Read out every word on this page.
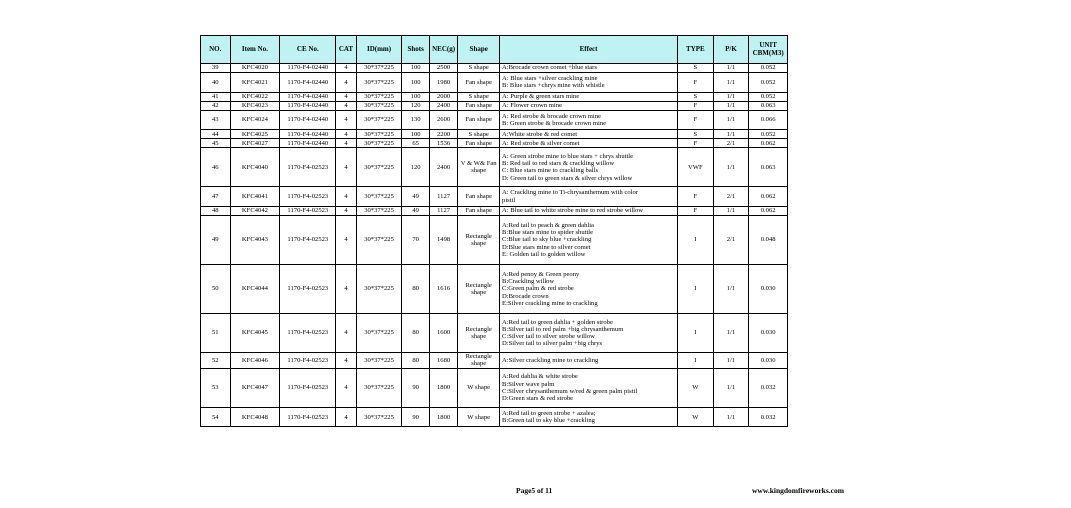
NO.	Item No.	CE No.	CAT	ID(mm)	Shots	NEC(g)	Shape	Effect	TYPE	P/K	UNIT CBM(M3)
39	KFC4020	1170-F4-02440	4	30*37*225	100	2500	S shape	A:Brocade crown comet +blue stars	S	1/1	0.052
40	KFC4021	1170-F4-02440	4	30*37*225	100	1980	Fan shape	A: Blue stars +silver crackling mine
B: Blue stars +chrys mine with whistle	F	1/1	0.052
41	KFC4022	1170-F4-02440	4	30*37*225	100	2000	S shape	A: Purple & green stars mine	S	1/1	0.052
42	KFC4023	1170-F4-02440	4	30*37*225	120	2400	Fan shape	A: Flower crown mine	F	1/1	0.063
43	KFC4024	1170-F4-02440	4	30*37*225	130	2600	Fan shape	A: Red strobe & brocade crown mine
B: Green strobe & brocade crown mine	F	1/1	0.066
44	KFC4025	1170-F4-02440	4	30*37*225	100	2200	S shape	A:White strobe & red comet	S	1/1	0.052
45	KFC4027	1170-F4-02440	4	30*37*225	65	1536	Fan shape	A: Red strobe & silver comet	F	2/1	0.062
46	KFC4040	1170-F4-02523	4	30*37*225	120	2400	V & W& Fan shape	A: Green strobe mine to blue stars + chrys shuttle
B: Red tail to red stars & crackling willow
C: Blue stars mine to crackling balls
D: Green tail to green stars & silver chrys willow	VWF	1/1	0.063
47	KFC4041	1170-F4-02523	4	30*37*225	49	1127	Fan shape	A: Crackling mine to Ti-chrysanthemum with color
pistil	F	2/1	0.062
48	KFC4042	1170-F4-02523	4	30*37*225	49	1127	Fan shape	A: Blue tail to white strobe mine to red strobe willow	F	1/1	0.062
49	KFC4043	1170-F4-02523	4	30*37*225	70	1498	Rectangle shape	A:Red tail to peach & green dahlia
B:Blue stars mine to spider shuttle
C:Blue tail to sky blue +crackling
D:Blue stars mine to silver comet
E: Golden tail to golden willow	I	2/1	0.048
50	KFC4044	1170-F4-02523	4	30*37*225	80	1616	Rectangle shape	A:Red penoy & Green peony
B:Crackling willow
C:Green palm & red strobe
D:Brocade crown
E:Silver crackling mine to crackling	I	1/1	0.030
51	KFC4045	1170-F4-02523	4	30*37*225	80	1600	Rectangle shape	A:Red tail to green dahlia + golden strobe
B:Silver tail to red palm +big chrysanthemum
C:Silver tail to silver strobe willow
D:Silver tail to silver palm +big chrys	I	1/1	0.030
52	KFC4046	1170-F4-02523	4	30*37*225	80	1680	Rectangle shape	A:Silver crackling mine to crackling	I	1/1	0.030
53	KFC4047	1170-F4-02523	4	30*37*225	90	1800	W shape	A:Red dahlia & white strobe
B:Silver wave palm
C:Silver chrysanthemum w/red & green palm pistil
D:Green stars & red strobe	W	1/1	0.032
54	KFC4048	1170-F4-02523	4	30*37*225	90	1800	W shape	A:Red tail to green strobe + azalea;
B:Green tail to sky blue +crackling	W	1/1	0.032
Page5 of 11	www.kingdomfireworks.com
